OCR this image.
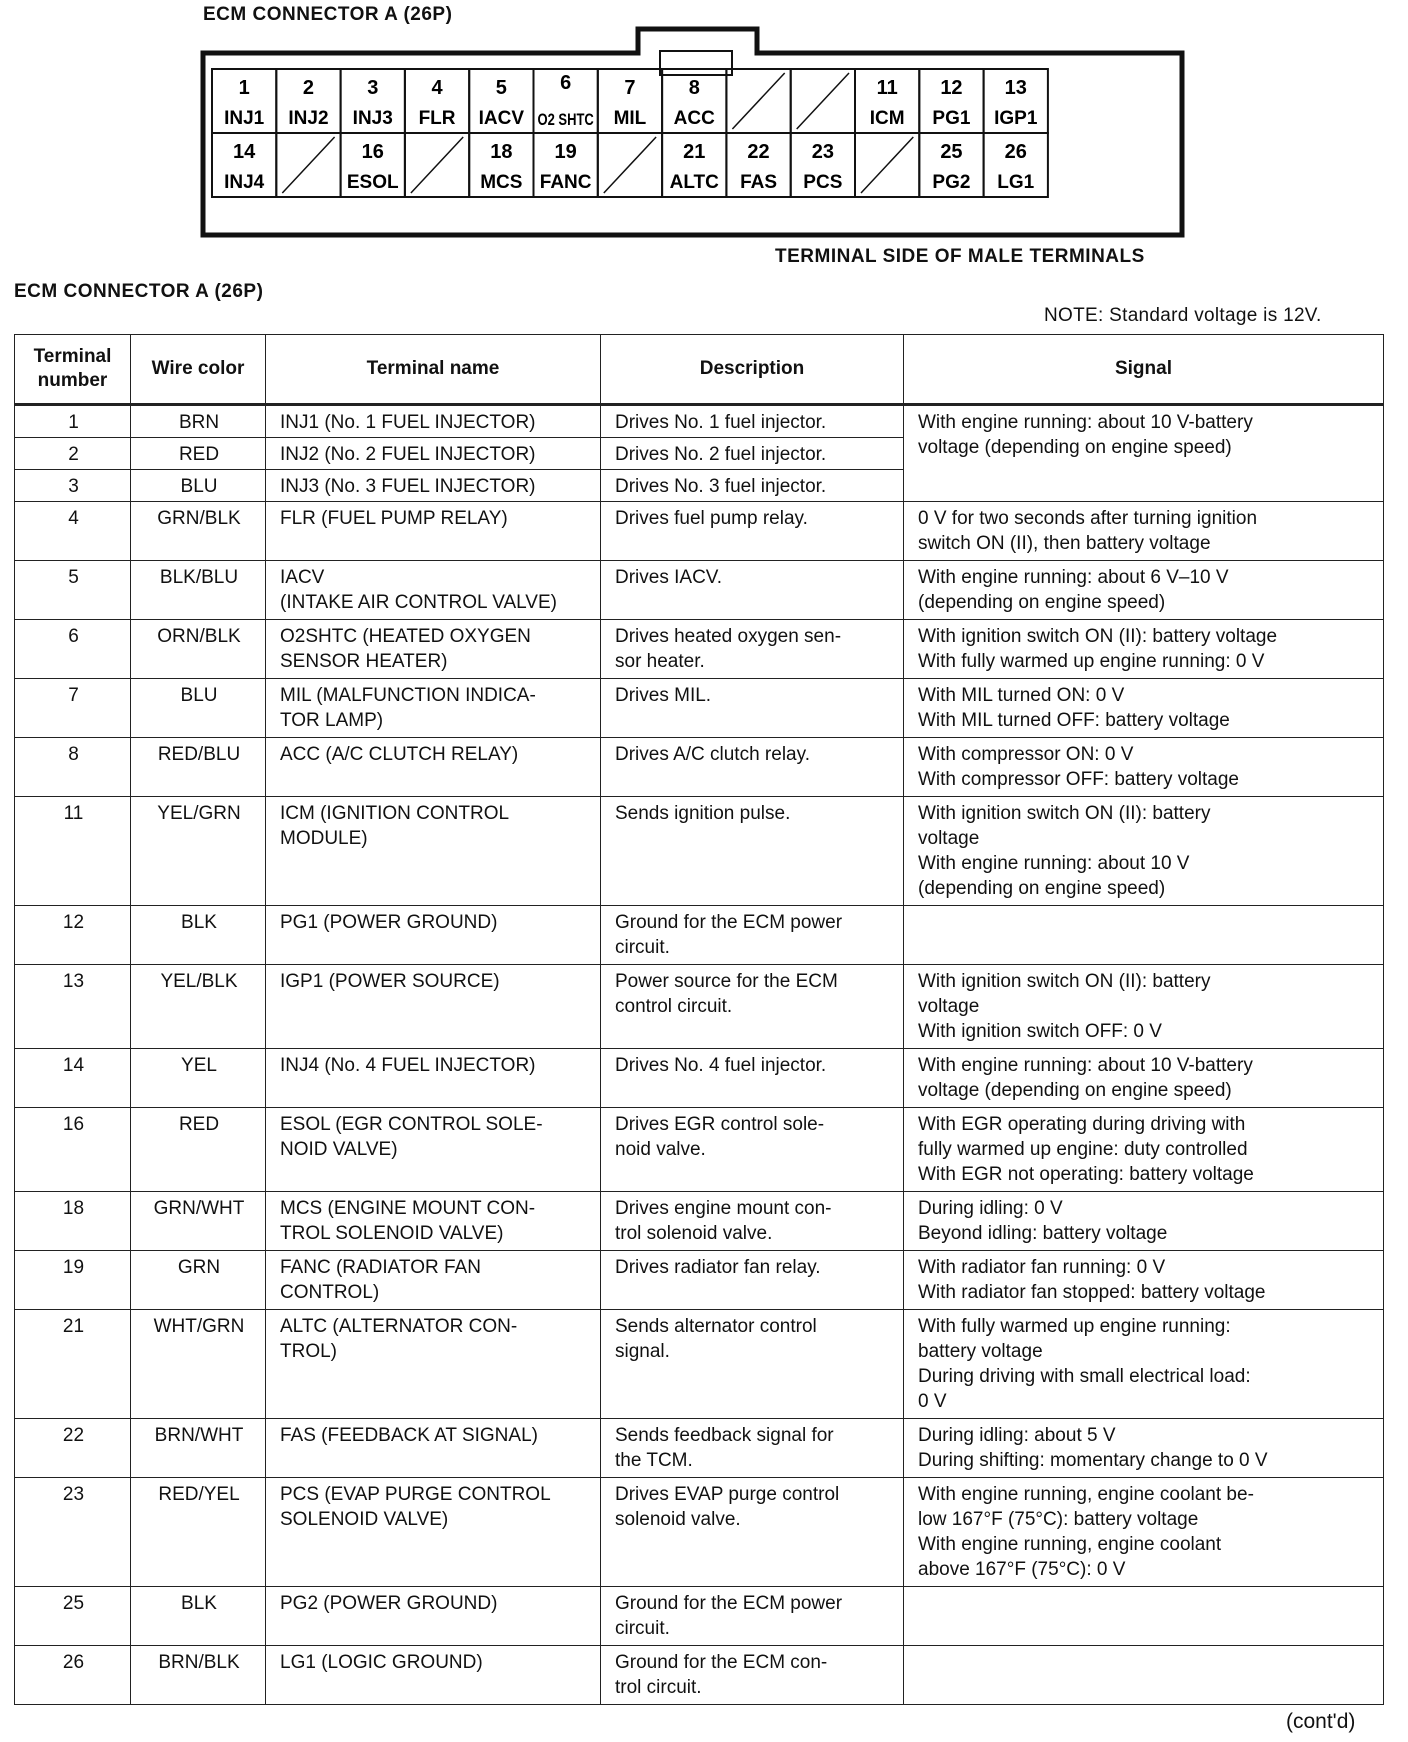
ECM CONNECTOR A (26P)
1
INJ1
2
INJ2
3
INJ3
4
FLR
5
IACV
6
O2 SHTC
7
MIL
8
ACC
11
ICM
12
PG1
13
IGP1
14
INJ4
16
ESOL
18
MCS
19
FANC
21
ALTC
22
FAS
23
PCS
25
PG2
26
LG1
TERMINAL SIDE OF MALE TERMINALS
ECM CONNECTOR A (26P)
NOTE: Standard voltage is 12V.
Terminal
number	Wire color	Terminal name	Description	Signal
1	BRN	INJ1 (No. 1 FUEL INJECTOR)	Drives No. 1 fuel injector.	With engine running: about 10 V-battery
voltage (depending on engine speed)

2	RED	INJ2 (No. 2 FUEL INJECTOR)	Drives No. 2 fuel injector.	

3	BLU	INJ3 (No. 3 FUEL INJECTOR)	Drives No. 3 fuel injector.	

4	GRN/BLK	FLR (FUEL PUMP RELAY)	Drives fuel pump relay.	0 V for two seconds after turning ignition
switch ON (II), then battery voltage

5	BLK/BLU	IACV
(INTAKE AIR CONTROL VALVE)	Drives IACV.	With engine running: about 6 V‒10 V
(depending on engine speed)

6	ORN/BLK	O2SHTC (HEATED OXYGEN
SENSOR HEATER)	Drives heated oxygen sen-
sor heater.	With ignition switch ON (II): battery voltage
With fully warmed up engine running: 0 V

7	BLU	MIL (MALFUNCTION INDICA-
TOR LAMP)	Drives MIL.	With MIL turned ON: 0 V
With MIL turned OFF: battery voltage

8	RED/BLU	ACC (A/C CLUTCH RELAY)	Drives A/C clutch relay.	With compressor ON: 0 V
With compressor OFF: battery voltage

11	YEL/GRN	ICM (IGNITION CONTROL
MODULE)	Sends ignition pulse.	With ignition switch ON (II): battery
voltage
With engine running: about 10 V
(depending on engine speed)

12	BLK	PG1 (POWER GROUND)	Ground for the ECM power
circuit.	

13	YEL/BLK	IGP1 (POWER SOURCE)	Power source for the ECM
control circuit.	With ignition switch ON (II): battery
voltage
With ignition switch OFF: 0 V

14	YEL	INJ4 (No. 4 FUEL INJECTOR)	Drives No. 4 fuel injector.	With engine running: about 10 V-battery
voltage (depending on engine speed)

16	RED	ESOL (EGR CONTROL SOLE-
NOID VALVE)	Drives EGR control sole-
noid valve.	With EGR operating during driving with
fully warmed up engine: duty controlled
With EGR not operating: battery voltage

18	GRN/WHT	MCS (ENGINE MOUNT CON-
TROL SOLENOID VALVE)	Drives engine mount con-
trol solenoid valve.	During idling: 0 V
Beyond idling: battery voltage

19	GRN	FANC (RADIATOR FAN
CONTROL)	Drives radiator fan relay.	With radiator fan running: 0 V
With radiator fan stopped: battery voltage

21	WHT/GRN	ALTC (ALTERNATOR CON-
TROL)	Sends alternator control
signal.	With fully warmed up engine running:
battery voltage
During driving with small electrical load:
0 V

22	BRN/WHT	FAS (FEEDBACK AT SIGNAL)	Sends feedback signal for
the TCM.	During idling: about 5 V
During shifting: momentary change to 0 V

23	RED/YEL	PCS (EVAP PURGE CONTROL
SOLENOID VALVE)	Drives EVAP purge control
solenoid valve.	With engine running, engine coolant be-
low 167°F (75°C): battery voltage
With engine running, engine coolant
above 167°F (75°C): 0 V

25	BLK	PG2 (POWER GROUND)	Ground for the ECM power
circuit.	

26	BRN/BLK	LG1 (LOGIC GROUND)	Ground for the ECM con-
trol circuit.	

(cont'd)
